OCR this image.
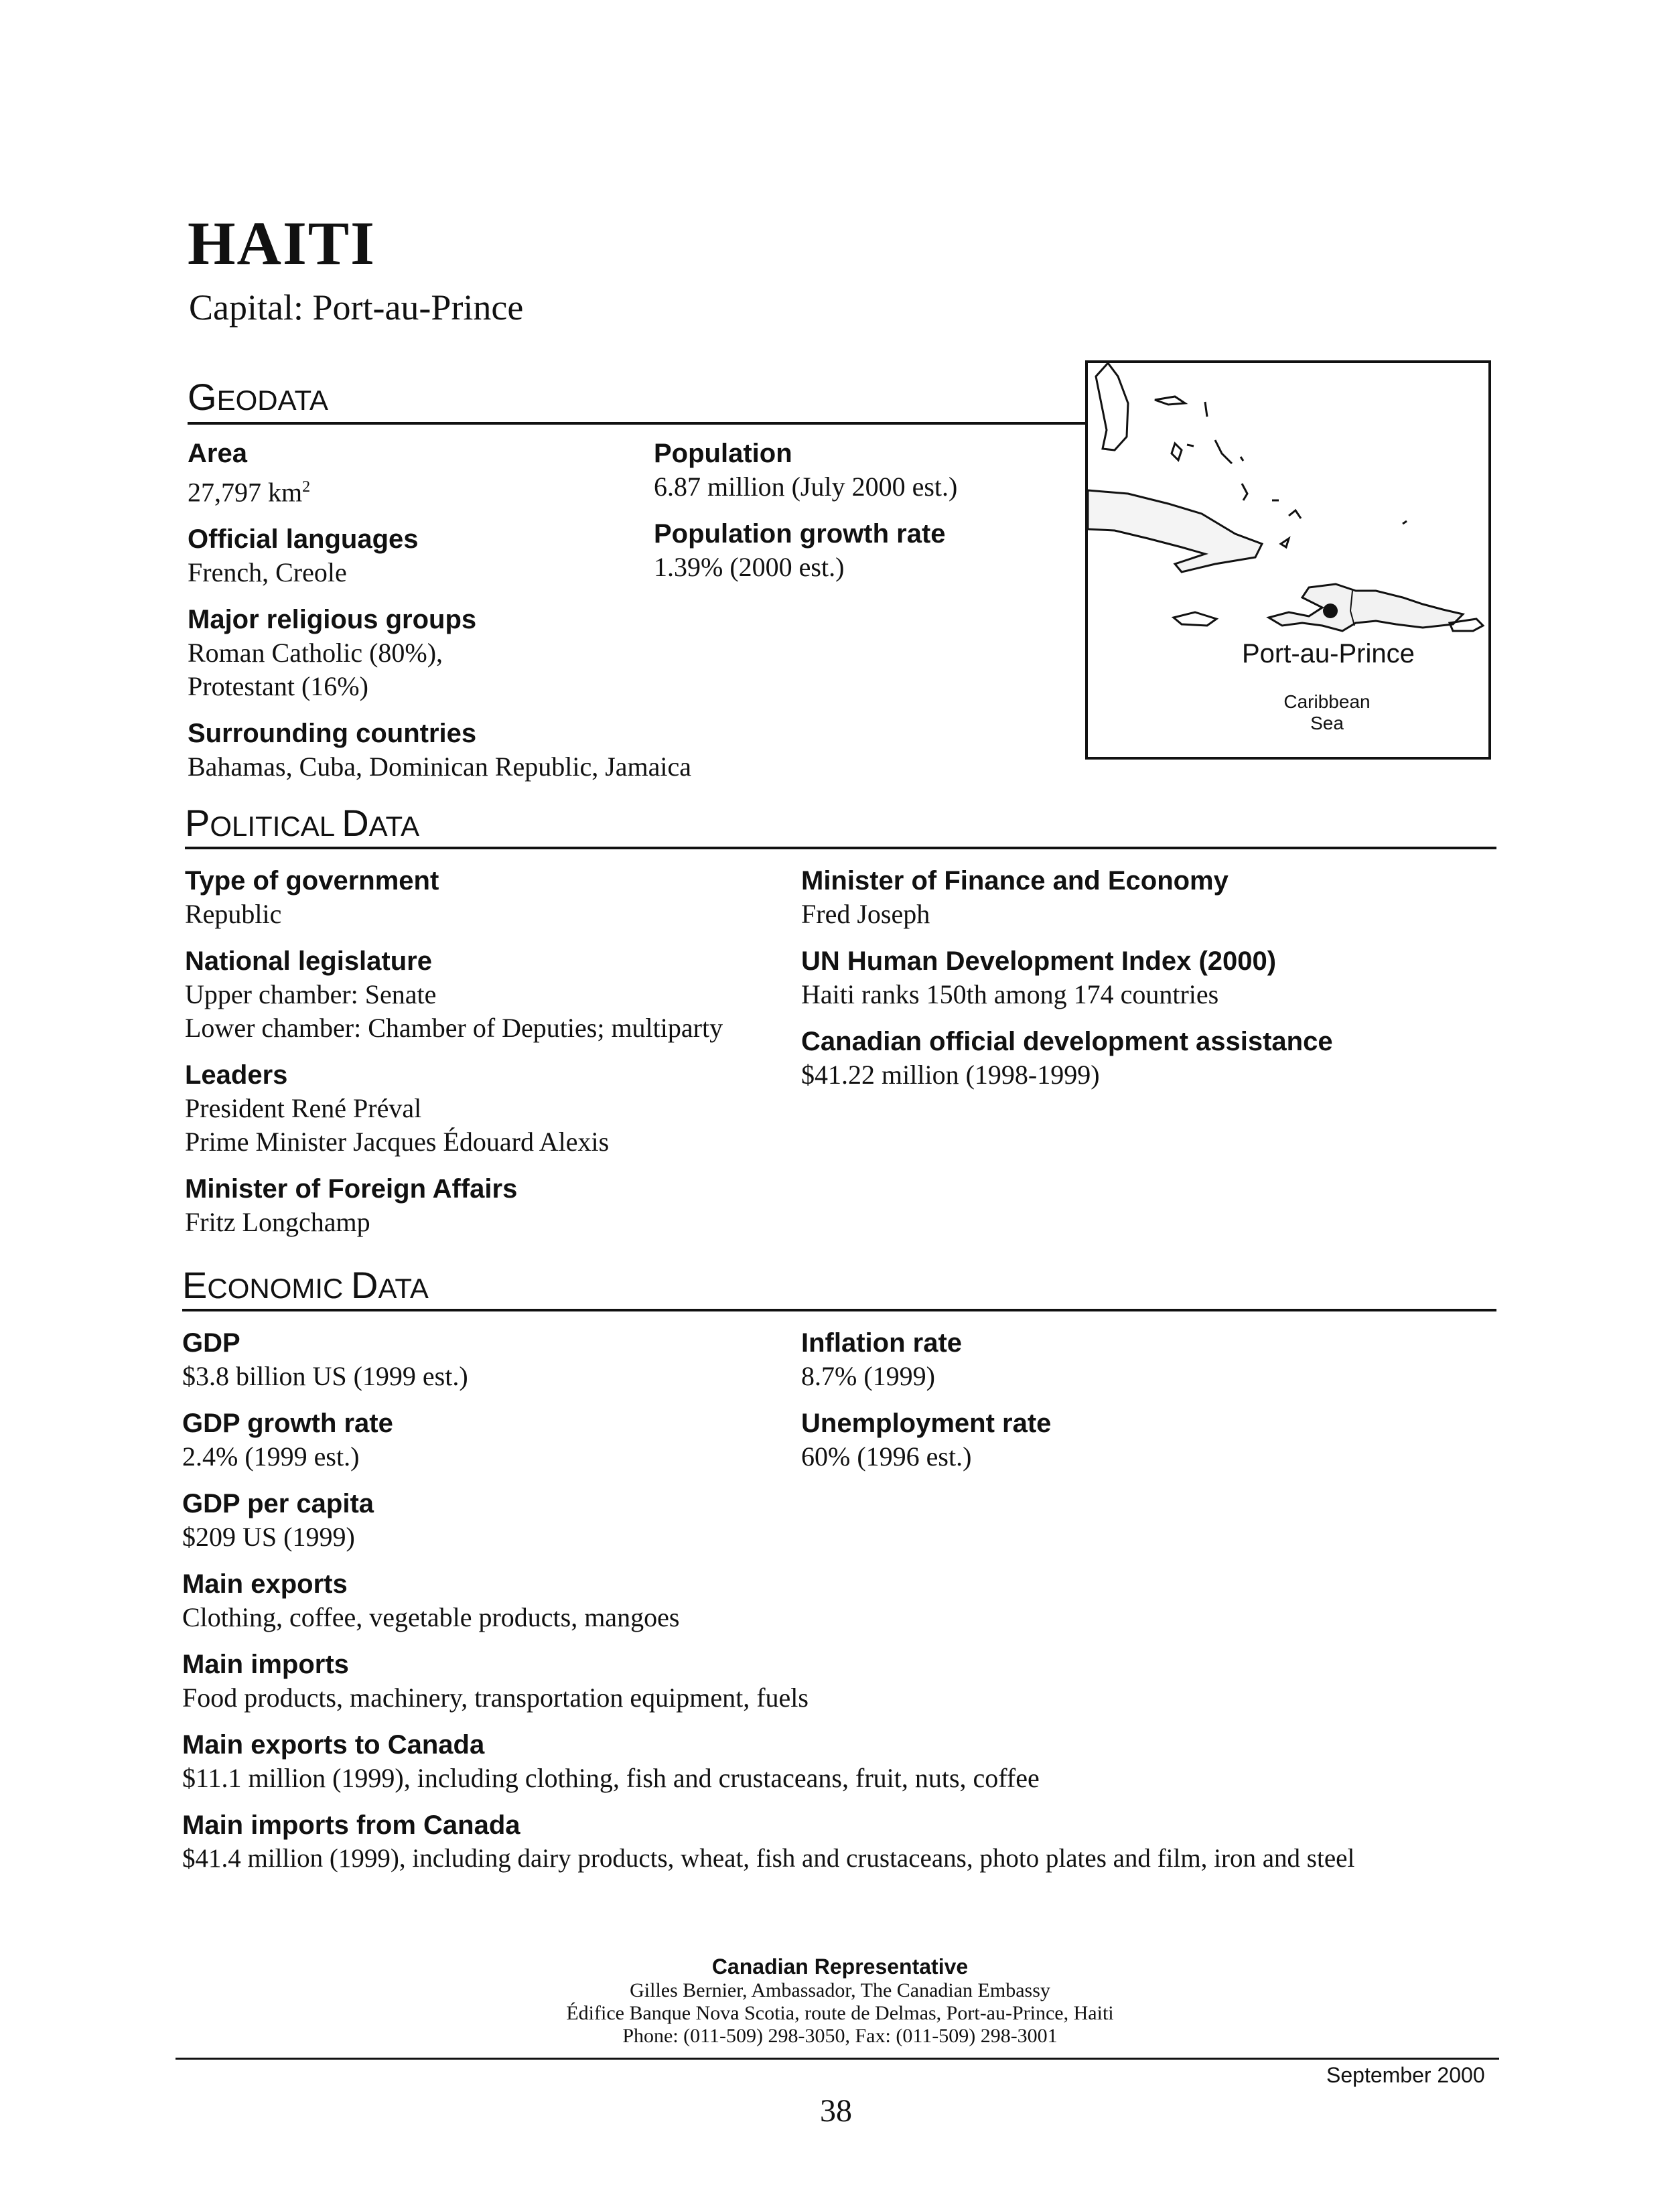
HAITI
Capital: Port-au-Prince
GEODATA
Area
27,797 $km^2$
Official languages
French, Creole
Major religious groups
Roman Catholic (80%),
Protestant (16%)
Surrounding countries
Bahamas, Cuba, Dominican Republic, Jamaica
Population
6.87 million (July 2000 est.)
Population growth rate
1.39% (2000 est.)
Port-au-Prince
Caribbean
Sea
POLITICAL DATA
Type of government
Republic
National legislature
Upper chamber: Senate
Lower chamber: Chamber of Deputies; multiparty
Leaders
President René Préval
Prime Minister Jacques Édouard Alexis
Minister of Foreign Affairs
Fritz Longchamp
Minister of Finance and Economy
Fred Joseph
UN Human Development Index (2000)
Haiti ranks 150th among 174 countries
Canadian official development assistance
$41.22 million (1998-1999)
ECONOMIC DATA
GDP
$3.8 billion US (1999 est.)
GDP growth rate
2.4% (1999 est.)
GDP per capita
$209 US (1999)
Main exports
Clothing, coffee, vegetable products, mangoes
Main imports
Food products, machinery, transportation equipment, fuels
Main exports to Canada
$11.1 million (1999), including clothing, fish and crustaceans, fruit, nuts, coffee
Main imports from Canada
$41.4 million (1999), including dairy products, wheat, fish and crustaceans, photo plates and film, iron and steel
Inflation rate
8.7% (1999)
Unemployment rate
60% (1996 est.)
Canadian Representative
Gilles Bernier, Ambassador, The Canadian Embassy
Édifice Banque Nova Scotia, route de Delmas, Port-au-Prince, Haiti
Phone: (011-509) 298-3050, Fax: (011-509) 298-3001
September 2000
38
